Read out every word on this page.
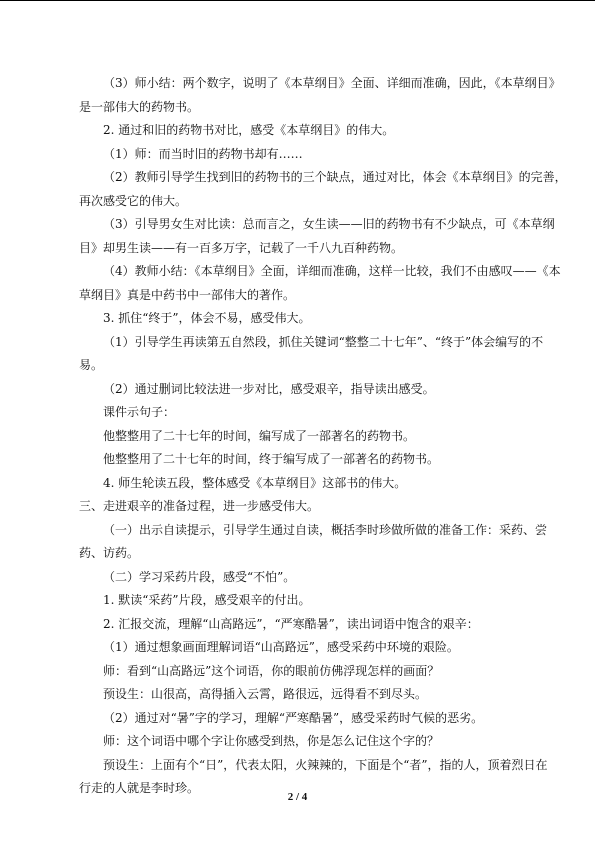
（3）师小结：两个数字，说明了《本草纲目》全面、详细而准确，因此，《本草纲目》
是一部伟大的药物书。
2. 通过和旧的药物书对比，感受《本草纲目》的伟大。
（1）师：而当时旧的药物书却有……
（2）教师引导学生找到旧的药物书的三个缺点，通过对比，体会《本草纲目》的完善，
再次感受它的伟大。
（3）引导男女生对比读：总而言之，女生读——旧的药物书有不少缺点，可《本草纲
目》却男生读——有一百多万字，记载了一千八九百种药物。
（4）教师小结：《本草纲目》全面，详细而准确，这样一比较，我们不由感叹——《本
草纲目》真是中药书中一部伟大的著作。
3. 抓住“终于”，体会不易，感受伟大。
（1）引导学生再读第五自然段，抓住关键词“整整二十七年”、“终于”体会编写的不
易。
（2）通过删词比较法进一步对比，感受艰辛，指导读出感受。
课件示句子：
他整整用了二十七年的时间，编写成了一部著名的药物书。
他整整用了二十七年的时间，终于编写成了一部著名的药物书。
4. 师生轮读五段，整体感受《本草纲目》这部书的伟大。
三、走进艰辛的准备过程，进一步感受伟大。
（一）出示自读提示，引导学生通过自读，概括李时珍做所做的准备工作：采药、尝
药、访药。
（二）学习采药片段，感受“不怕”。
1. 默读“采药”片段，感受艰辛的付出。
2. 汇报交流，理解“山高路远”，“严寒酷暑”，读出词语中饱含的艰辛：
（1）通过想象画面理解词语“山高路远”，感受采药中环境的艰险。
师：看到“山高路远”这个词语，你的眼前仿佛浮现怎样的画面？
预设生：山很高，高得插入云霄，路很远，远得看不到尽头。
（2）通过对“暑”字的学习，理解“严寒酷暑”，感受采药时气候的恶劣。
师：这个词语中哪个字让你感受到热，你是怎么记住这个字的？
预设生：上面有个“日”，代表太阳，火辣辣的，下面是个“者”，指的人，顶着烈日在
行走的人就是李时珍。
2 / 4
